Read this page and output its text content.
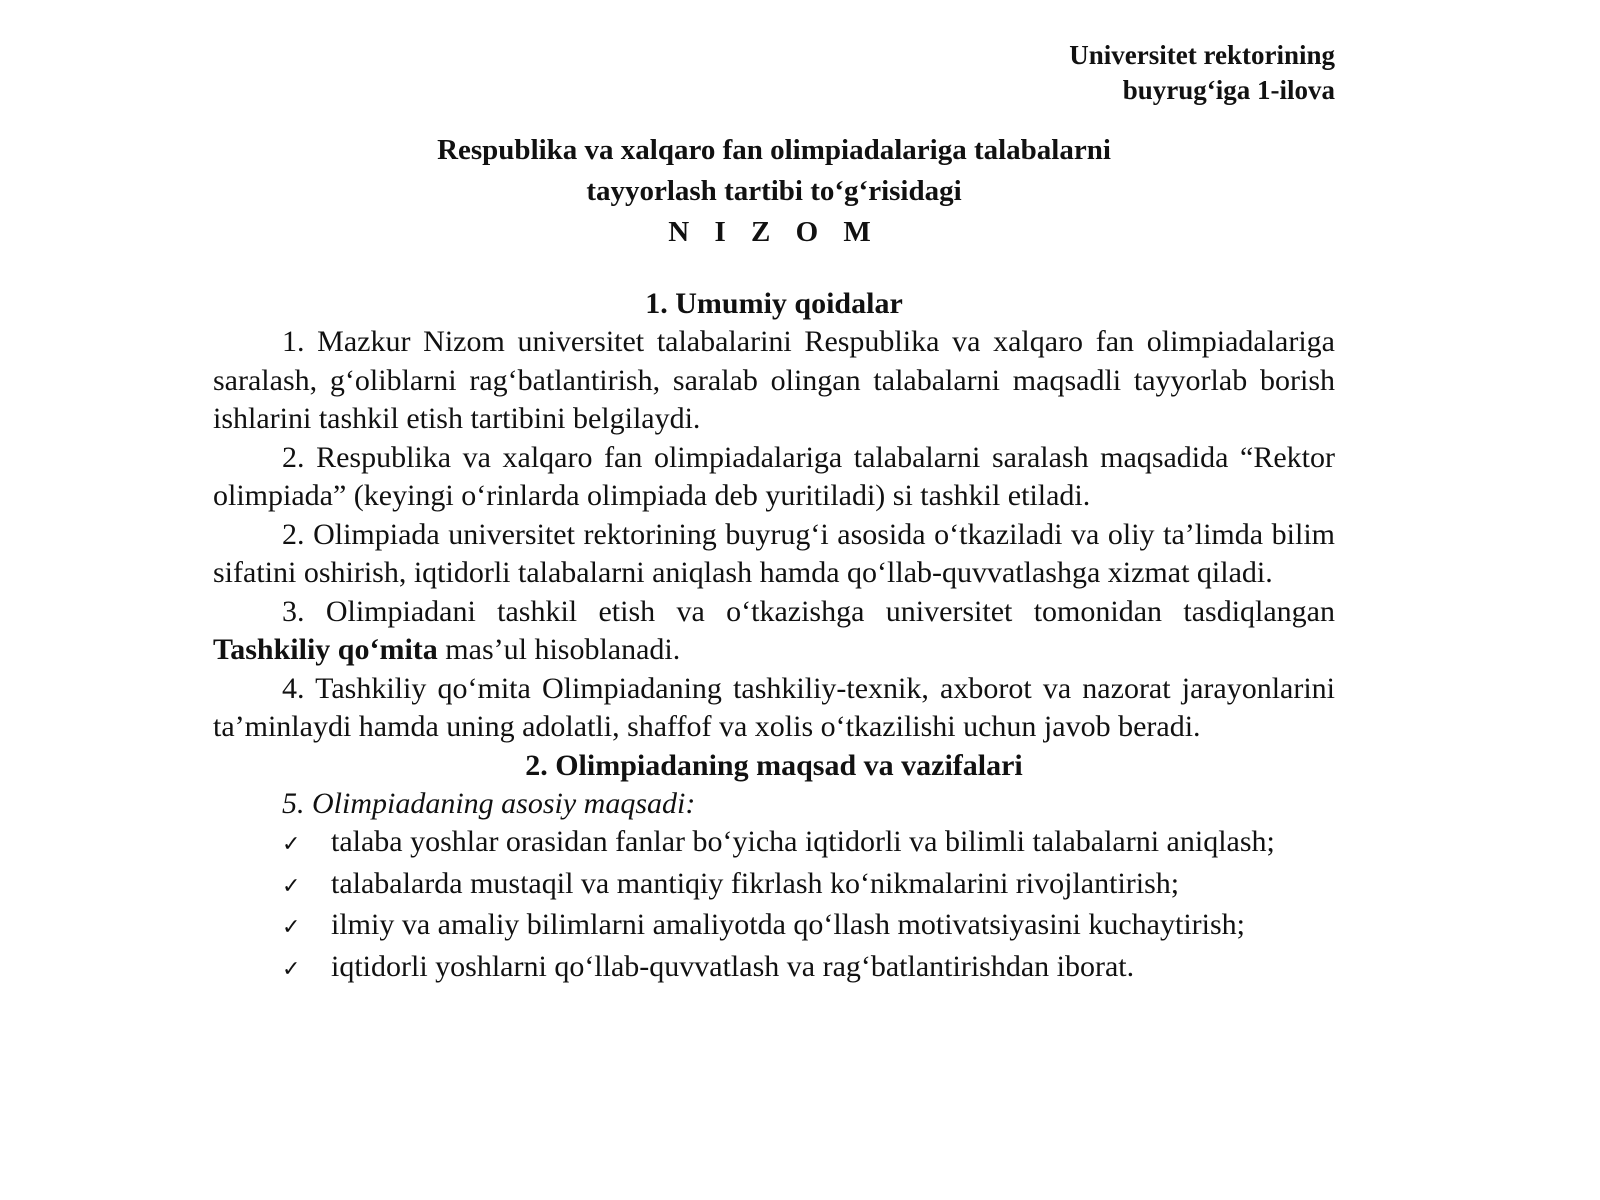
Universitet rektorining
buyrug‘iga 1-ilova
Respublika va xalqaro fan olimpiadalariga talabalarni
tayyorlash tartibi to‘g‘risidagi
N I Z O M
1. Umumiy qoidalar

1. Mazkur Nizom universitet talabalarini Respublika va xalqaro fan olimpiadalariga saralash, g‘oliblarni rag‘batlantirish, saralab olingan talabalarni maqsadli tayyorlab borish ishlarini tashkil etish tartibini belgilaydi.

2. Respublika va xalqaro fan olimpiadalariga talabalarni saralash maqsadida “Rektor olimpiada” (keyingi o‘rinlarda olimpiada deb yuritiladi) si tashkil etiladi.

2. Olimpiada universitet rektorining buyrug‘i asosida o‘tkaziladi va oliy ta’limda bilim sifatini oshirish, iqtidorli talabalarni aniqlash hamda qo‘llab-quvvatlashga xizmat qiladi.

3. Olimpiadani tashkil etish va o‘tkazishga universitet tomonidan tasdiqlangan Tashkiliy qo‘mita mas’ul hisoblanadi.

4. Tashkiliy qo‘mita Olimpiadaning tashkiliy-texnik, axborot va nazorat jarayonlarini ta’minlaydi hamda uning adolatli, shaffof va xolis o‘tkazilishi uchun javob beradi.

2. Olimpiadaning maqsad va vazifalari

5. Olimpiadaning asosiy maqsadi:

✓ talaba yoshlar orasidan fanlar bo‘yicha iqtidorli va bilimli talabalarni aniqlash;

✓ talabalarda mustaqil va mantiqiy fikrlash ko‘nikmalarini rivojlantirish;

✓ ilmiy va amaliy bilimlarni amaliyotda qo‘llash motivatsiyasini kuchaytirish;

✓ iqtidorli yoshlarni qo‘llab-quvvatlash va rag‘batlantirishdan iborat.
